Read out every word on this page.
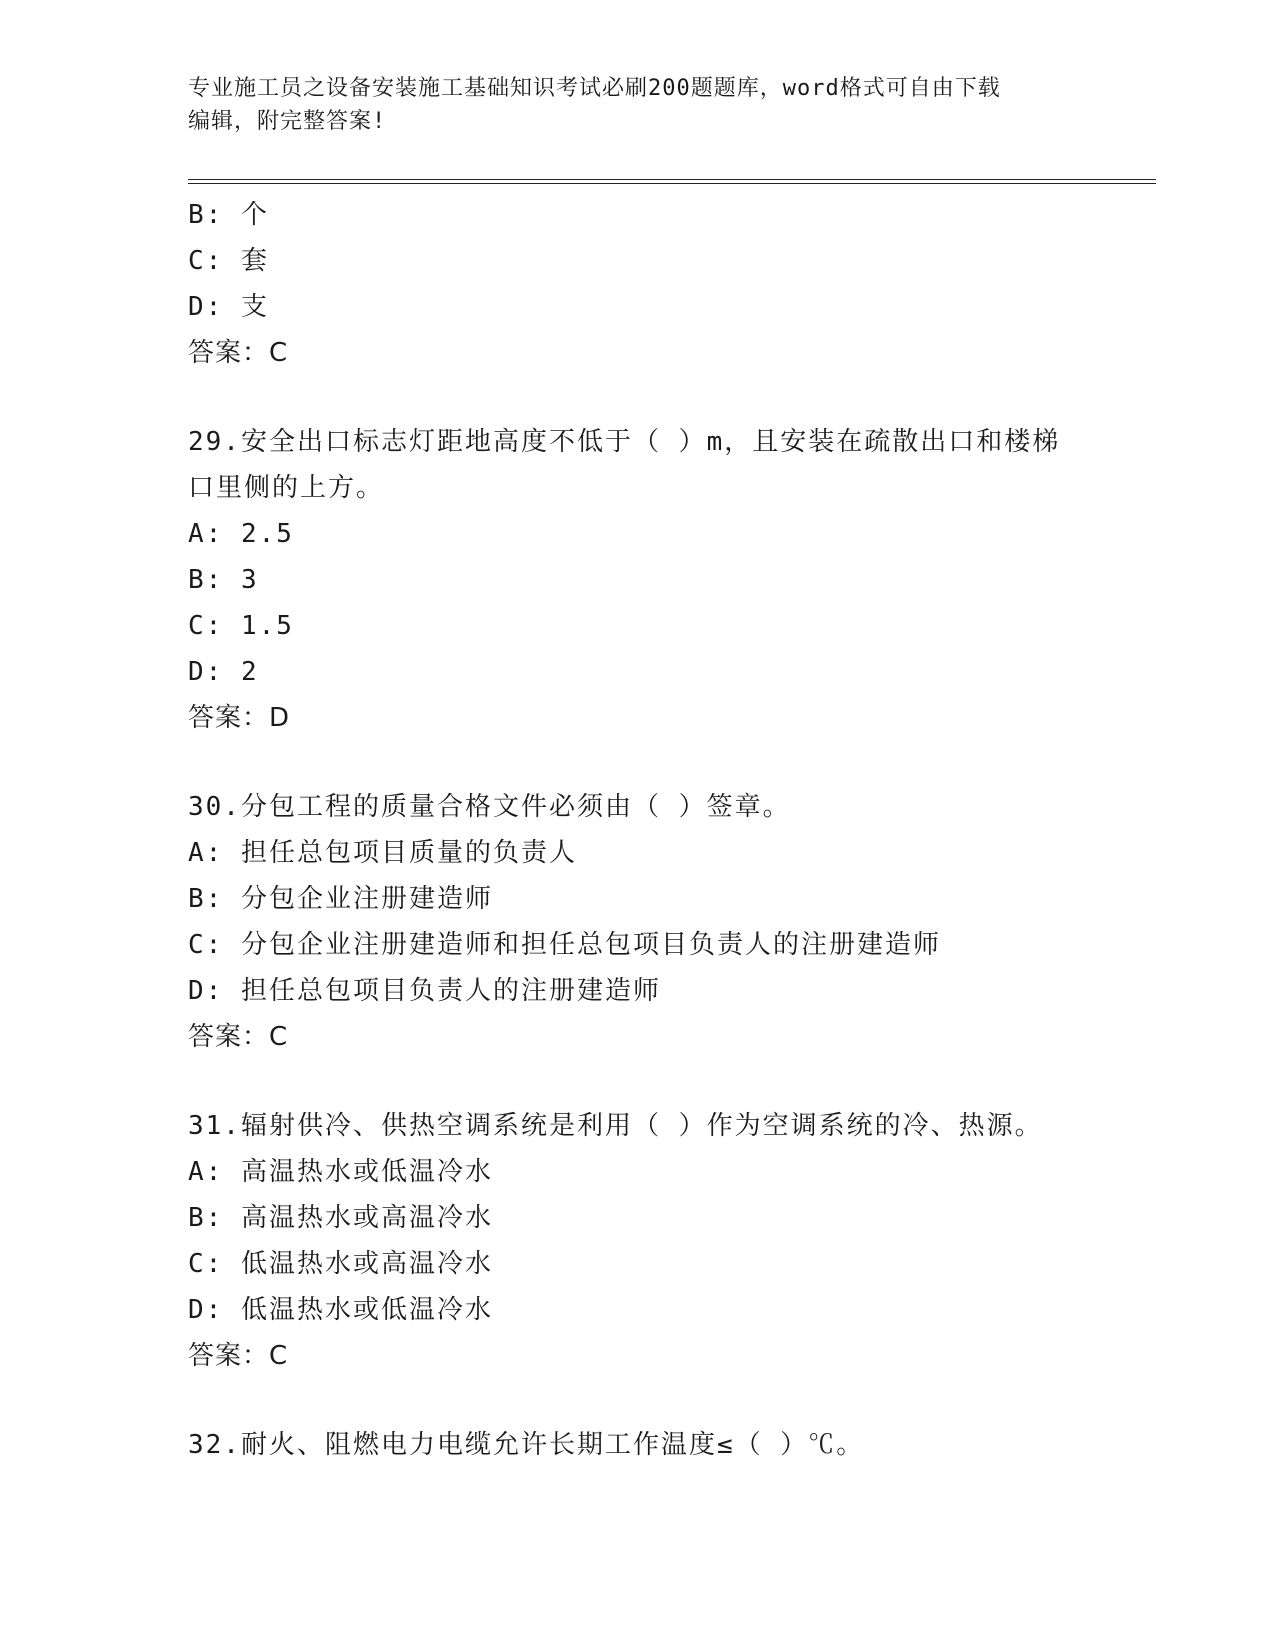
专业施工员之设备安装施工基础知识考试必刷200题题库，word格式可自由下载
编辑，附完整答案!
B: 个
C: 套
D: 支
答案：C
29.安全出口标志灯距地高度不低于（ ）m，且安装在疏散出口和楼梯
口里侧的上方。
A: 2.5
B: 3
C: 1.5
D: 2
答案：D
30.分包工程的质量合格文件必须由（ ）签章。
A: 担任总包项目质量的负责人
B: 分包企业注册建造师
C: 分包企业注册建造师和担任总包项目负责人的注册建造师
D: 担任总包项目负责人的注册建造师
答案：C
31.辐射供冷、供热空调系统是利用（ ）作为空调系统的冷、热源。
A: 高温热水或低温冷水
B: 高温热水或高温冷水
C: 低温热水或高温冷水
D: 低温热水或低温冷水
答案：C
32.耐火、阻燃电力电缆允许长期工作温度≤（ ）℃。
